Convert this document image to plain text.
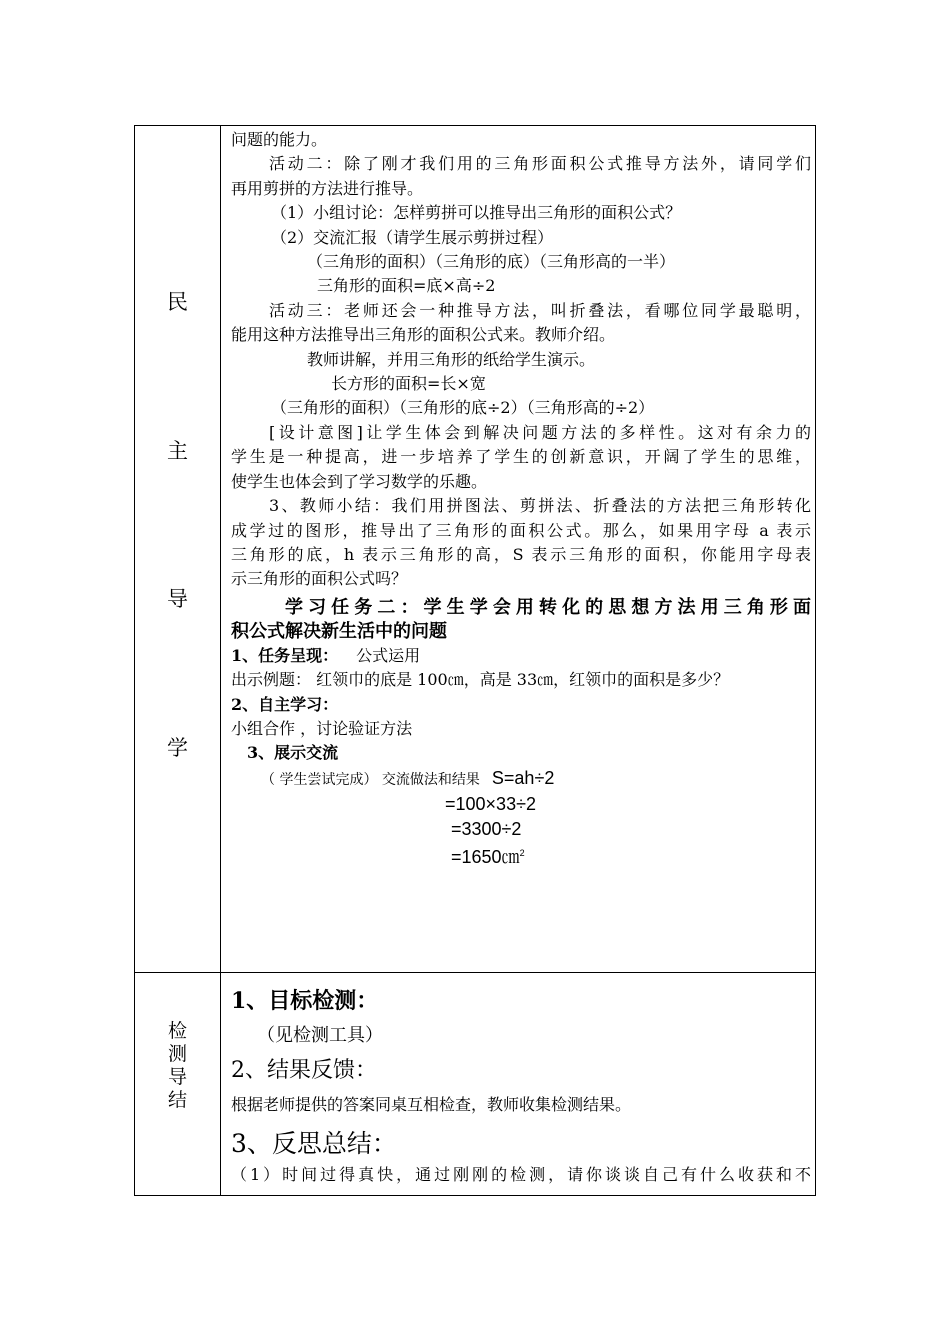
民
主
导
学
检
测
导
结
问题的能力。
活动二：除了刚才我们用的三角形面积公式推导方法外，请同学们
再用剪拼的方法进行推导。
（1）小组讨论：怎样剪拼可以推导出三角形的面积公式？
（2）交流汇报（请学生展示剪拼过程）
（三角形的面积）（三角形的底）（三角形高的一半）
三角形的面积=底×高÷2
活动三：老师还会一种推导方法，叫折叠法，看哪位同学最聪明，
能用这种方法推导出三角形的面积公式来。教师介绍。
教师讲解，并用三角形的纸给学生演示。
长方形的面积=长×宽
（三角形的面积）（三角形的底÷2）（三角形高的÷2）
[设计意图]让学生体会到解决问题方法的多样性。这对有余力的
学生是一种提高，进一步培养了学生的创新意识，开阔了学生的思维，
使学生也体会到了学习数学的乐趣。
3、教师小结：我们用拼图法、剪拼法、折叠法的方法把三角形转化
成学过的图形，推导出了三角形的面积公式。那么，如果用字母 a 表示
三角形的底，h 表示三角形的高，S 表示三角形的面积，你能用字母表
示三角形的面积公式吗？
学习任务二：学生学会用转化的思想方法用三角形面
积公式解决新生活中的问题
1、任务呈现： 公式运用
出示例题： 红领巾的底是 100㎝，高是 33㎝，红领巾的面积是多少？
2、自主学习：
小组合作 ，讨论验证方法
3、展示交流
（ 学生尝试完成） 交流做法和结果 S=ah÷2
=100×33÷2
=3300÷2
=1650㎝$^2$
1、目标检测：
（见检测工具）
2、结果反馈：
根据老师提供的答案同桌互相检查，教师收集检测结果。
3、反思总结：
（1）时间过得真快，通过刚刚的检测，请你谈谈自己有什么收获和不
